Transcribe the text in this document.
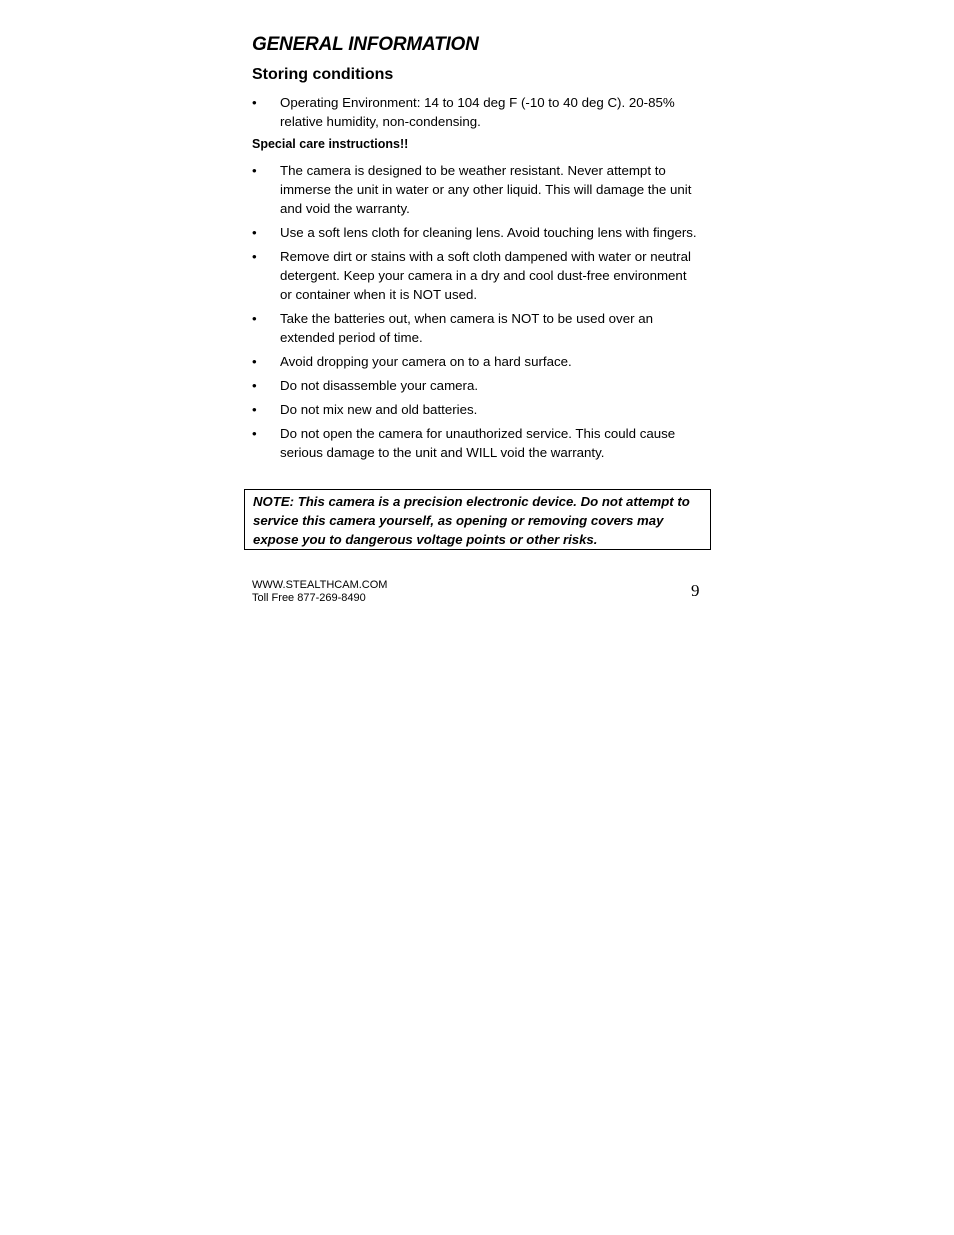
GENERAL INFORMATION
Storing conditions
• Operating Environment: 14 to 104 deg F (-10 to 40 deg C). 20-85% relative humidity, non-condensing.
Special care instructions!!
• The camera is designed to be weather resistant. Never attempt to immerse the unit in water or any other liquid. This will damage the unit and void the warranty.
• Use a soft lens cloth for cleaning lens. Avoid touching lens with fingers.
• Remove dirt or stains with a soft cloth dampened with water or neutral detergent. Keep your camera in a dry and cool dust-free environment or container when it is NOT used.
• Take the batteries out, when camera is NOT to be used over an extended period of time.
• Avoid dropping your camera on to a hard surface.
• Do not disassemble your camera.
• Do not mix new and old batteries.
• Do not open the camera for unauthorized service. This could cause serious damage to the unit and WILL void the warranty.
NOTE: This camera is a precision electronic device. Do not attempt to service this camera yourself, as opening or removing covers may expose you to dangerous voltage points or other risks.
WWW.STEALTHCAM.COM
Toll Free 877-269-8490	9
